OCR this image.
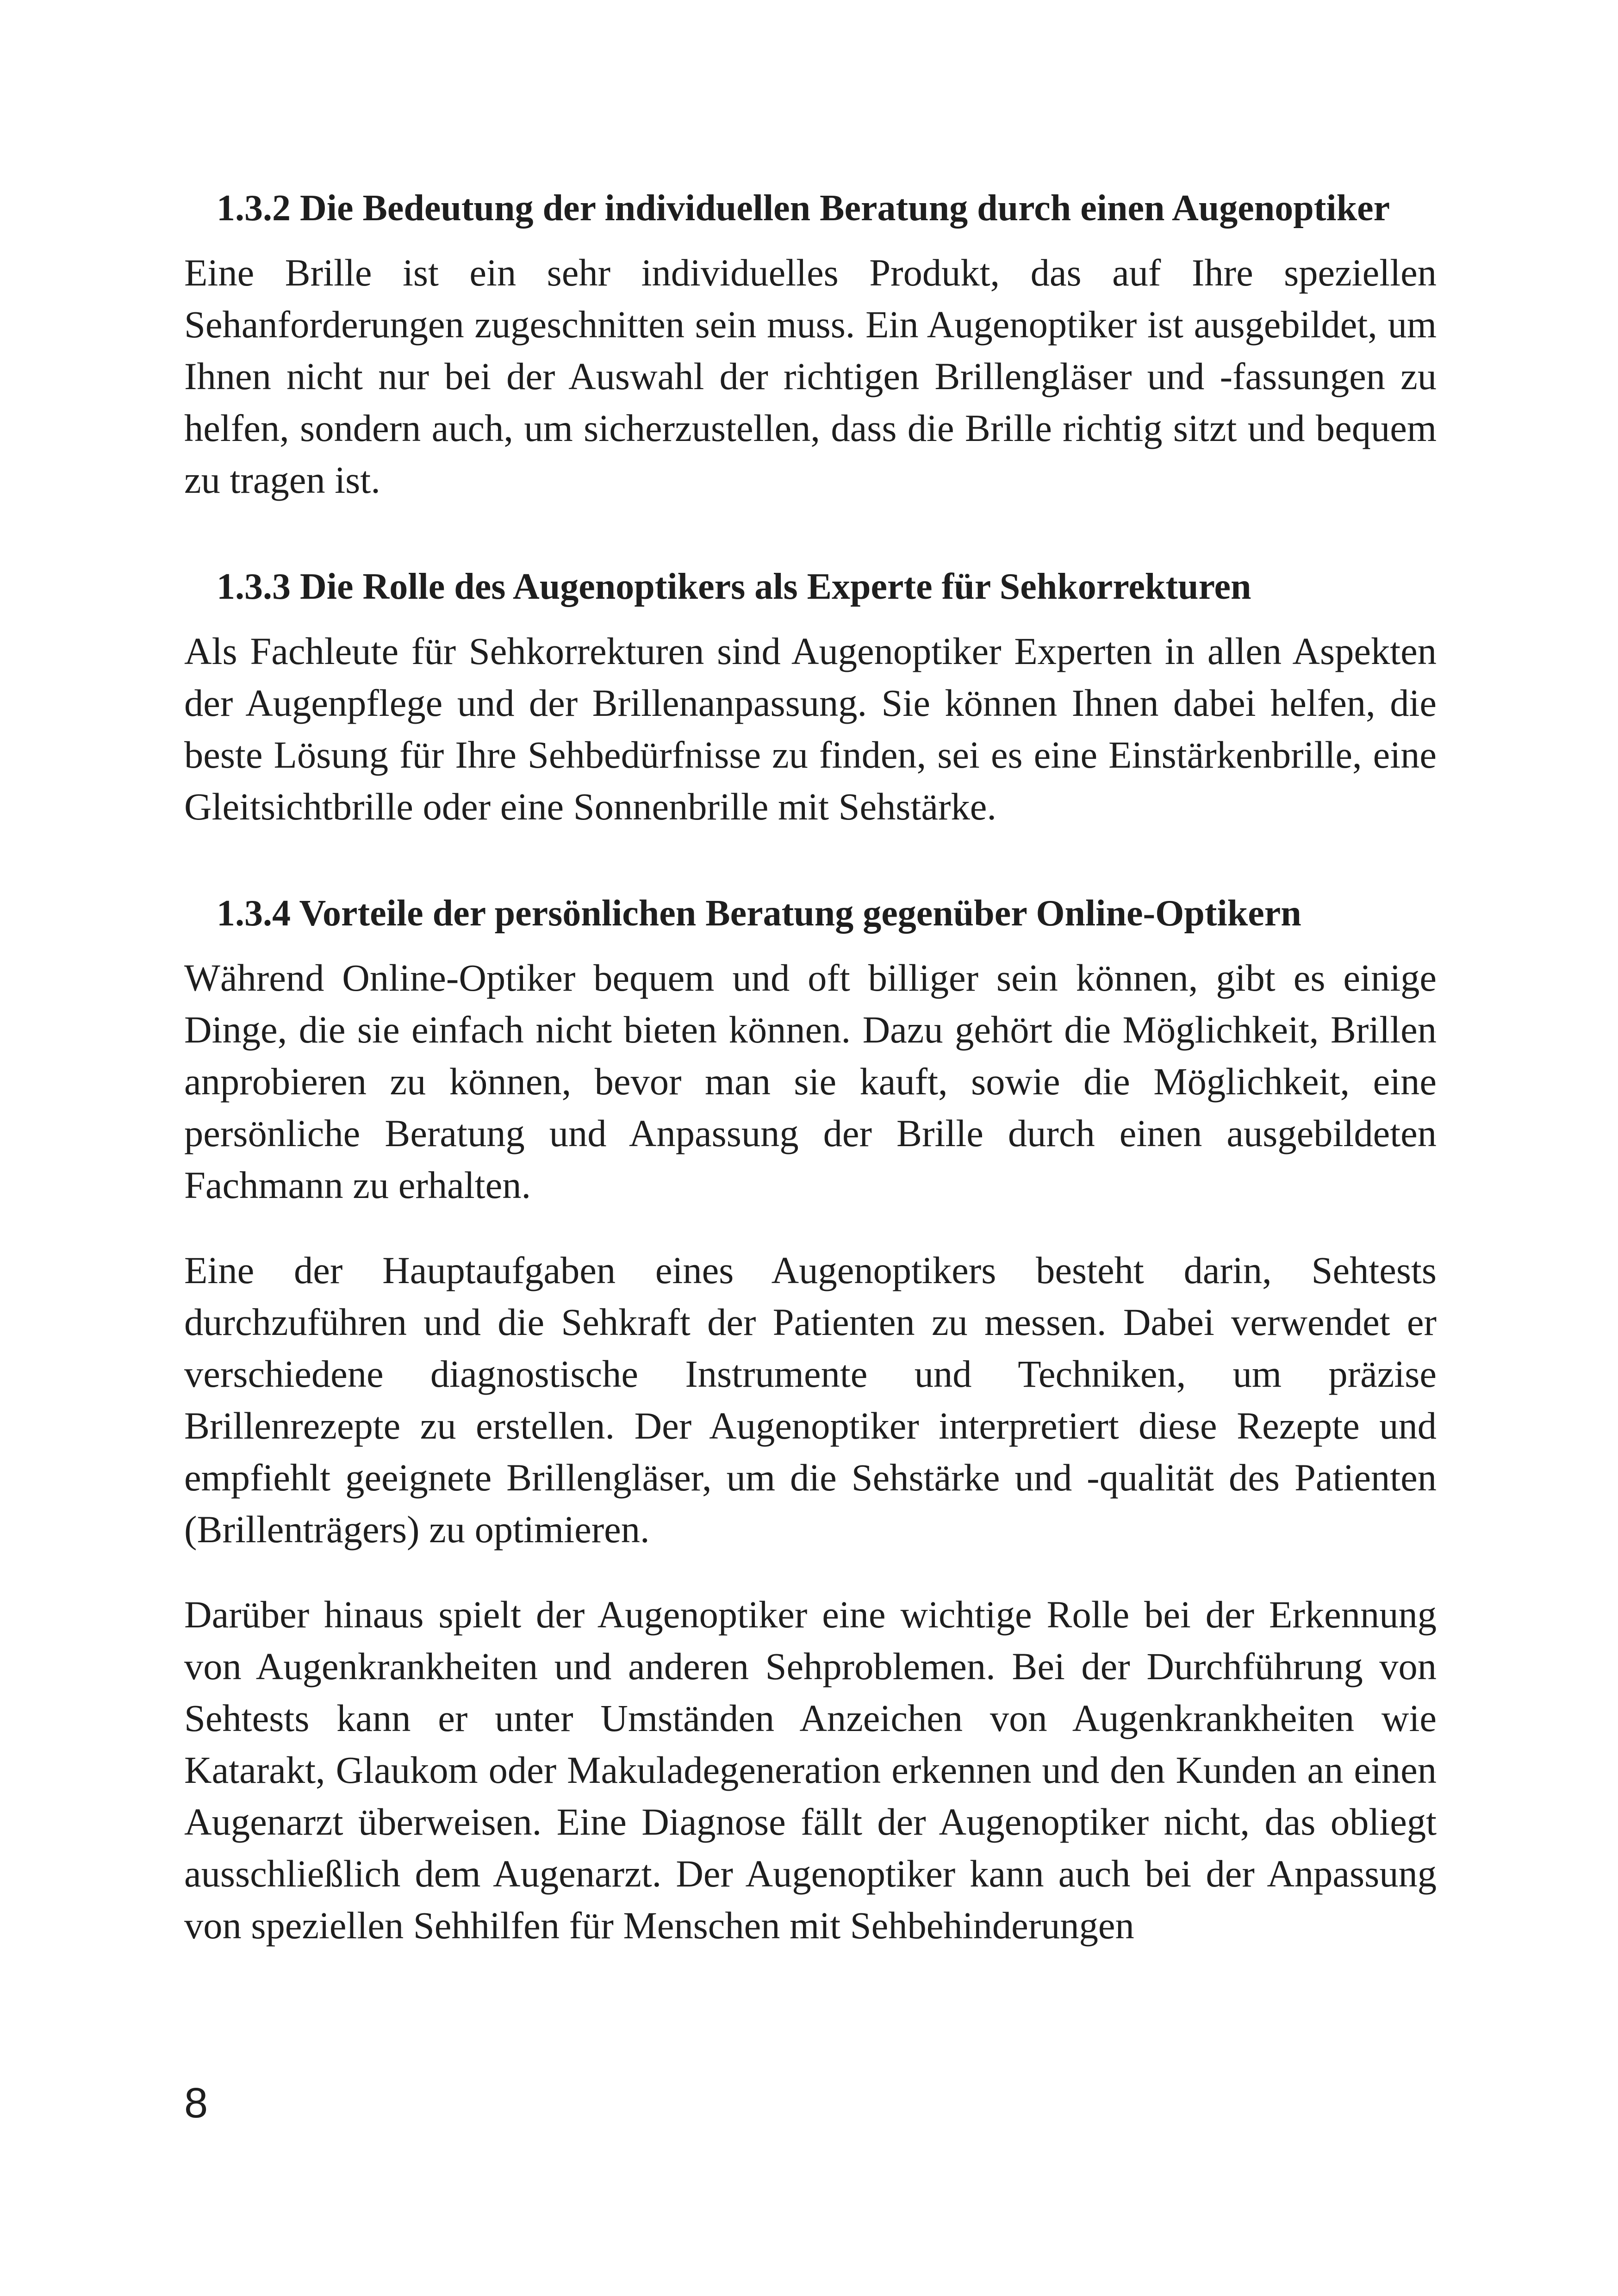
1.3.2 Die Bedeutung der individuellen Beratung durch einen Augenoptiker

Eine Brille ist ein sehr individuelles Produkt, das auf Ihre speziellen Sehanforderungen zugeschnitten sein muss. Ein Augenoptiker ist ausgebildet, um Ihnen nicht nur bei der Auswahl der richtigen Brillengläser und -fassungen zu helfen, sondern auch, um sicherzustellen, dass die Brille richtig sitzt und bequem zu tragen ist.

1.3.3 Die Rolle des Augenoptikers als Experte für Sehkorrekturen

Als Fachleute für Sehkorrekturen sind Augenoptiker Experten in allen Aspekten der Augenpflege und der Brillenanpassung. Sie können Ihnen dabei helfen, die beste Lösung für Ihre Sehbedürfnisse zu finden, sei es eine Einstärkenbrille, eine Gleitsichtbrille oder eine Sonnenbrille mit Sehstärke.

1.3.4 Vorteile der persönlichen Beratung gegenüber Online-Optikern

Während Online-Optiker bequem und oft billiger sein können, gibt es einige Dinge, die sie einfach nicht bieten können. Dazu gehört die Möglichkeit, Brillen anprobieren zu können, bevor man sie kauft, sowie die Möglichkeit, eine persönliche Beratung und Anpassung der Brille durch einen ausgebildeten Fachmann zu erhalten.

Eine der Hauptaufgaben eines Augenoptikers besteht darin, Sehtests durchzuführen und die Sehkraft der Patienten zu messen. Dabei verwendet er verschiedene diagnostische Instrumente und Techniken, um präzise Brillenrezepte zu erstellen. Der Augenoptiker interpretiert diese Rezepte und empfiehlt geeignete Brillengläser, um die Sehstärke und -qualität des Patienten (Brillenträgers) zu optimieren.

Darüber hinaus spielt der Augenoptiker eine wichtige Rolle bei der Erkennung von Augenkrankheiten und anderen Sehproblemen. Bei der Durchführung von Sehtests kann er unter Umständen Anzeichen von Augenkrankheiten wie Katarakt, Glaukom oder Makuladegeneration erkennen und den Kunden an einen Augenarzt überweisen. Eine Diagnose fällt der Augenoptiker nicht, das obliegt ausschließlich dem Augenarzt. Der Augenoptiker kann auch bei der Anpassung von speziellen Sehhilfen für Menschen mit Sehbehinderungen

8
